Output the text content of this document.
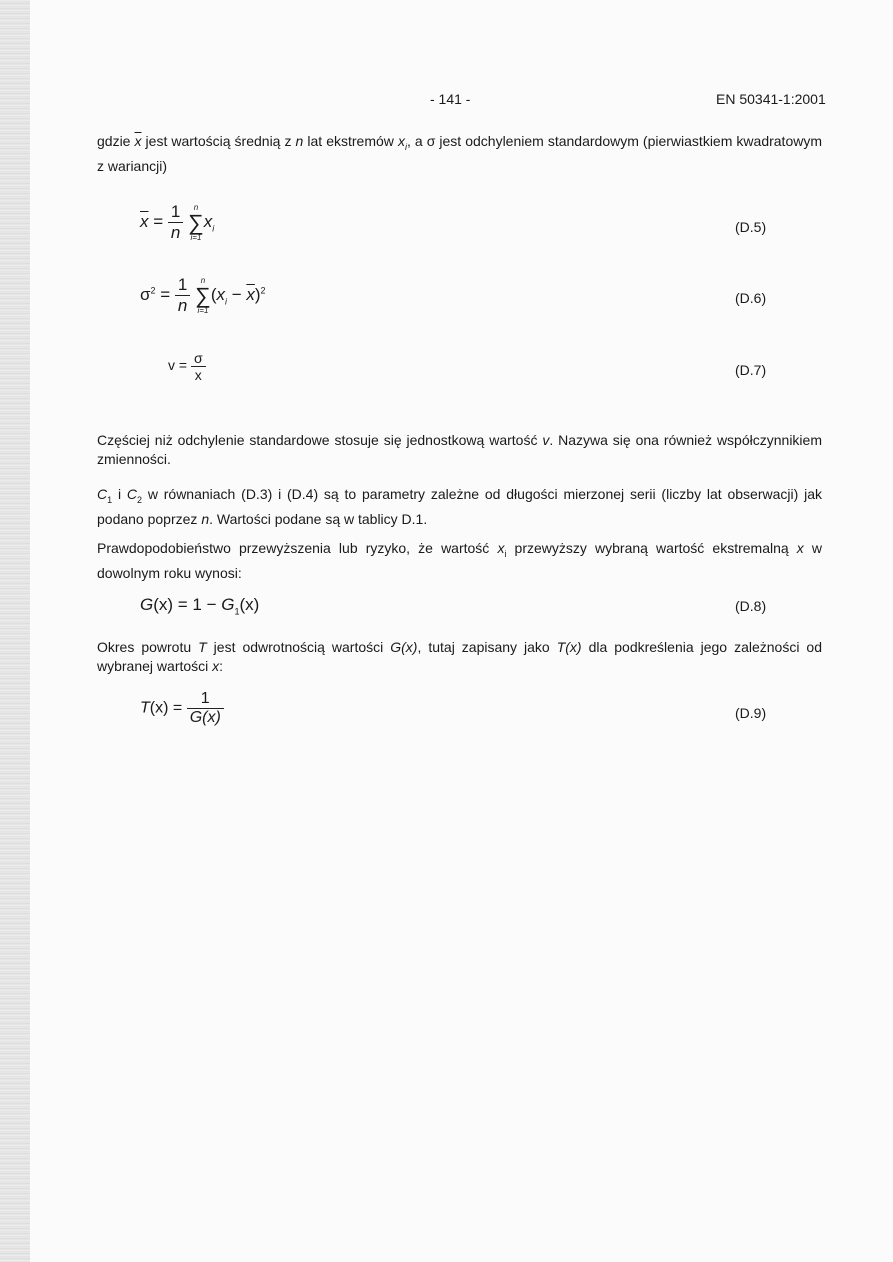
- 141 -	EN 50341-1:2001

gdzie $\overline{x}$ jest wartością średnią z n lat ekstremów $x_i$, a σ jest odchyleniem standardowym (pierwiastkiem kwadratowym z wariancji)

$\overline{x} = \frac{1}{n}$
	n
∑
i=1
$x_i$	(D.5)
$\sigma^2 = \frac{1}{n}$
	n
∑
i=1
$(x_i - \overline{x})^2$	(D.6)
$v = \frac{\sigma}{x}$	(D.7)

Częściej niż odchylenie standardowe stosuje się jednostkową wartość v. Nazywa się ona również współczynnikiem zmienności.

$C_1$ i $C_2$ w równaniach (D.3) i (D.4) są to parametry zależne od długości mierzonej serii (liczby lat obserwacji) jak podano poprzez n. Wartości podane są w tablicy D.1.

Prawdopodobieństwo przewyższenia lub ryzyko, że wartość $x_i$ przewyższy wybraną wartość ekstremalną x w dowolnym roku wynosi:

$G(x) = 1 - G_1(x)$	(D.8)

Okres powrotu T jest odwrotnością wartości G(x), tutaj zapisany jako T(x) dla podkreślenia jego zależności od wybranej wartości x:

$T(x) = \frac{1}{G(x)}$	(D.9)
